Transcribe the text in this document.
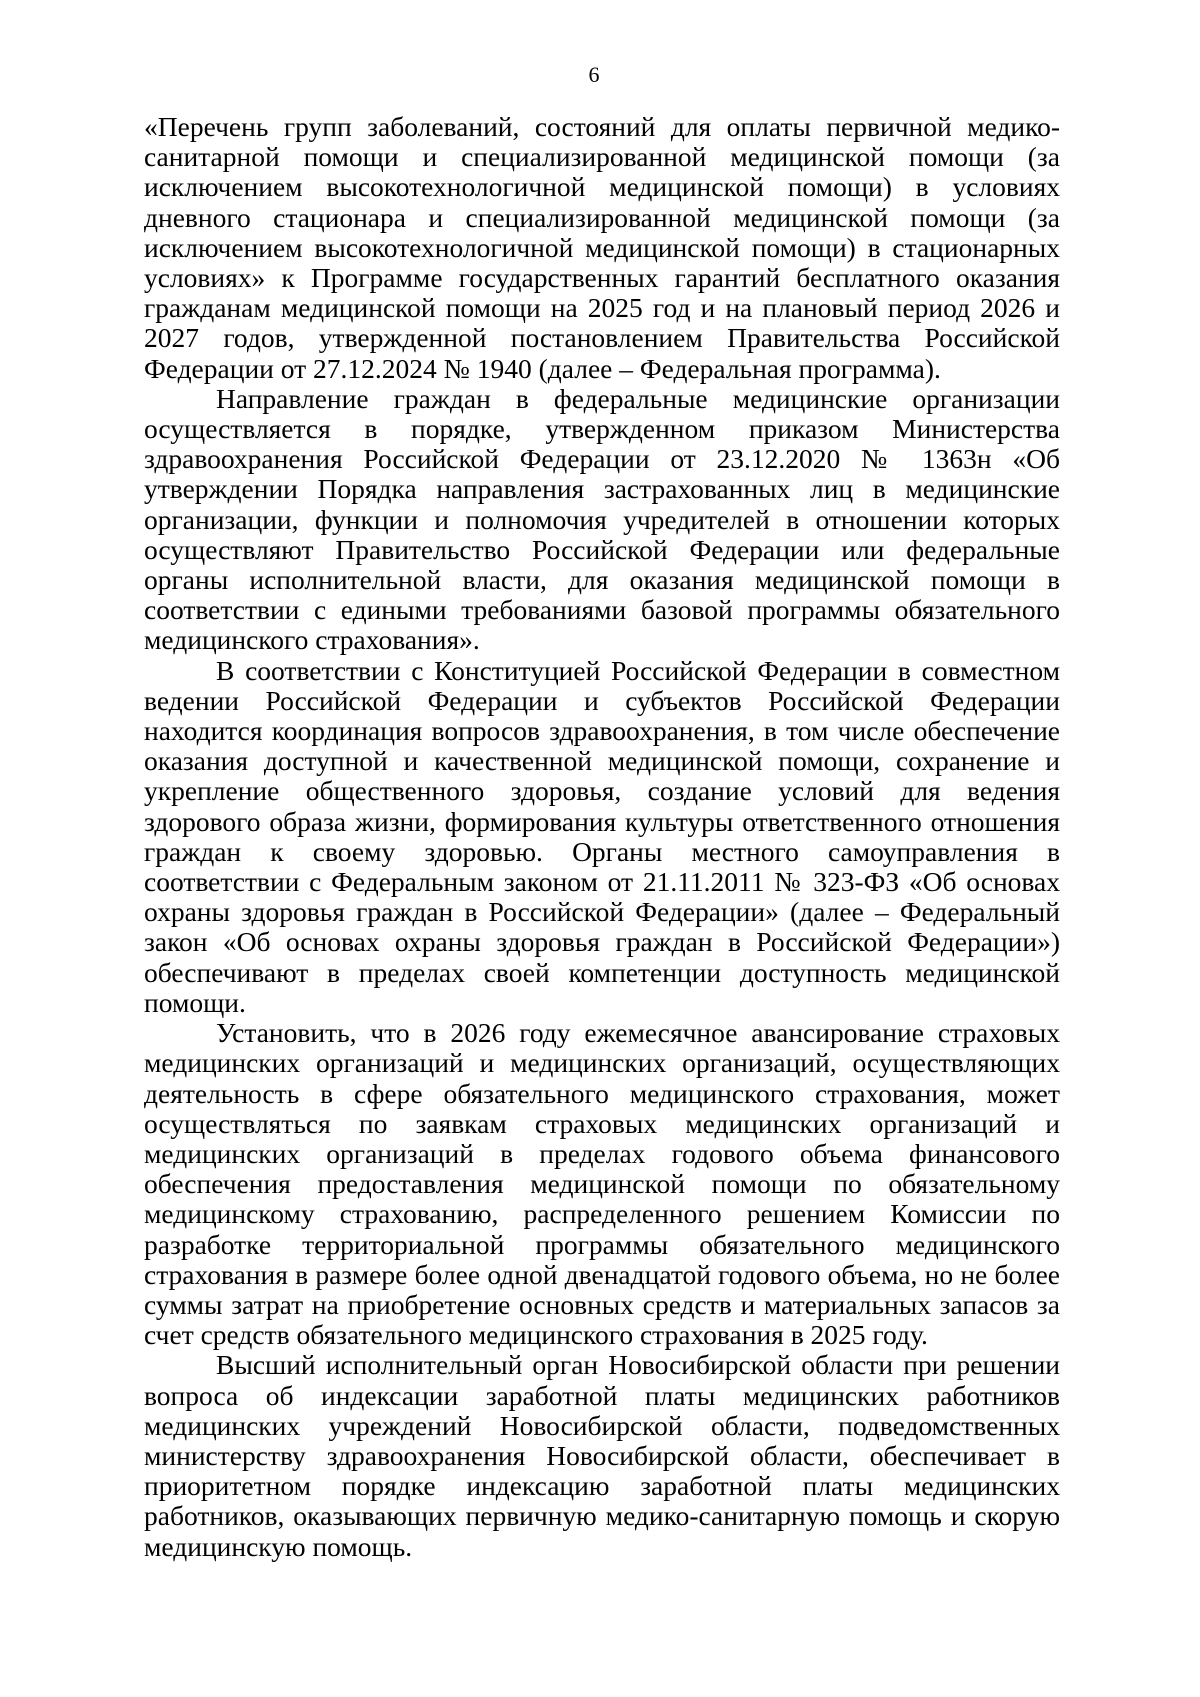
6

«Перечень групп заболеваний, состояний для оплаты первичной медико-санитарной помощи и специализированной медицинской помощи (за исключением высокотехнологичной медицинской помощи) в условиях дневного стационара и специализированной медицинской помощи (за исключением высокотехнологичной медицинской помощи) в стационарных условиях» к Программе государственных гарантий бесплатного оказания гражданам медицинской помощи на 2025 год и на плановый период 2026 и 2027 годов, утвержденной постановлением Правительства Российской Федерации от 27.12.2024 № 1940 (далее – Федеральная программа).

Направление граждан в федеральные медицинские организации осуществляется в порядке, утвержденном приказом Министерства здравоохранения Российской Федерации от 23.12.2020 № 1363н «Об утверждении Порядка направления застрахованных лиц в медицинские организации, функции и полномочия учредителей в отношении которых осуществляют Правительство Российской Федерации или федеральные органы исполнительной власти, для оказания медицинской помощи в соответствии с едиными требованиями базовой программы обязательного медицинского страхования».

В соответствии с Конституцией Российской Федерации в совместном ведении Российской Федерации и субъектов Российской Федерации находится координация вопросов здравоохранения, в том числе обеспечение оказания доступной и качественной медицинской помощи, сохранение и укрепление общественного здоровья, создание условий для ведения здорового образа жизни, формирования культуры ответственного отношения граждан к своему здоровью. Органы местного самоуправления в соответствии с Федеральным законом от 21.11.2011 № 323-ФЗ «Об основах охраны здоровья граждан в Российской Федерации» (далее – Федеральный закон «Об основах охраны здоровья граждан в Российской Федерации») обеспечивают в пределах своей компетенции доступность медицинской помощи.

Установить, что в 2026 году ежемесячное авансирование страховых медицинских организаций и медицинских организаций, осуществляющих деятельность в сфере обязательного медицинского страхования, может осуществляться по заявкам страховых медицинских организаций и медицинских организаций в пределах годового объема финансового обеспечения предоставления медицинской помощи по обязательному медицинскому страхованию, распределенного решением Комиссии по разработке территориальной программы обязательного медицинского страхования в размере более одной двенадцатой годового объема, но не более суммы затрат на приобретение основных средств и материальных запасов за счет средств обязательного медицинского страхования в 2025 году.

Высший исполнительный орган Новосибирской области при решении вопроса об индексации заработной платы медицинских работников медицинских учреждений Новосибирской области, подведомственных министерству здравоохранения Новосибирской области, обеспечивает в приоритетном порядке индексацию заработной платы медицинских работников, оказывающих первичную медико-санитарную помощь и скорую медицинскую помощь.
